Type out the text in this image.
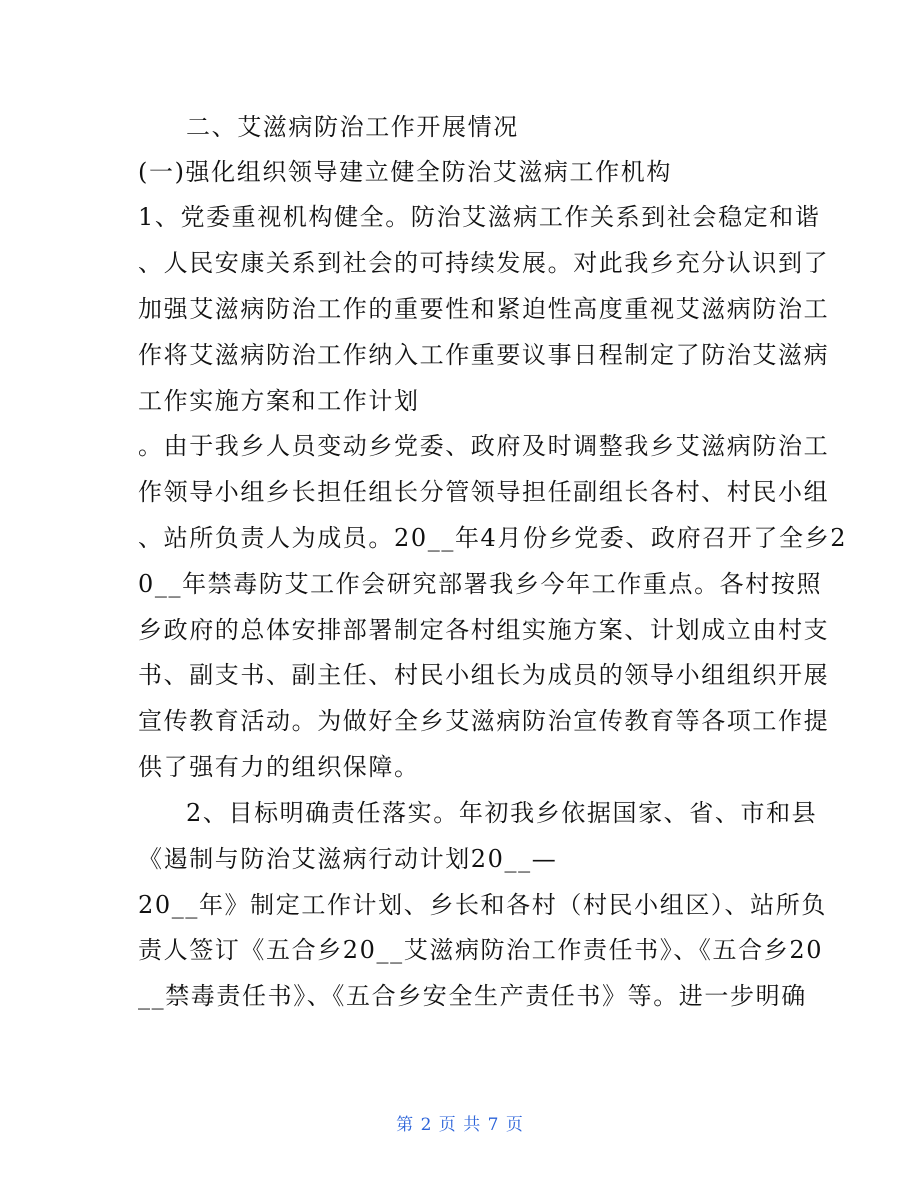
二、艾滋病防治工作开展情况
(一)强化组织领导建立健全防治艾滋病工作机构
1、党委重视机构健全。防治艾滋病工作关系到社会稳定和谐
、人民安康关系到社会的可持续发展。对此我乡充分认识到了
加强艾滋病防治工作的重要性和紧迫性高度重视艾滋病防治工
作将艾滋病防治工作纳入工作重要议事日程制定了防治艾滋病
工作实施方案和工作计划
。由于我乡人员变动乡党委、政府及时调整我乡艾滋病防治工
作领导小组乡长担任组长分管领导担任副组长各村、村民小组
、站所负责人为成员。20__年4月份乡党委、政府召开了全乡2
0__年禁毒防艾工作会研究部署我乡今年工作重点。各村按照
乡政府的总体安排部署制定各村组实施方案、计划成立由村支
书、副支书、副主任、村民小组长为成员的领导小组组织开展
宣传教育活动。为做好全乡艾滋病防治宣传教育等各项工作提
供了强有力的组织保障。
2、目标明确责任落实。年初我乡依据国家、省、市和县
《遏制与防治艾滋病行动计划20__—
20__年》制定工作计划、乡长和各村（村民小组区）、站所负
责人签订《五合乡20__艾滋病防治工作责任书》、《五合乡20
__禁毒责任书》、《五合乡安全生产责任书》等。进一步明确
第 2 页 共 7 页
